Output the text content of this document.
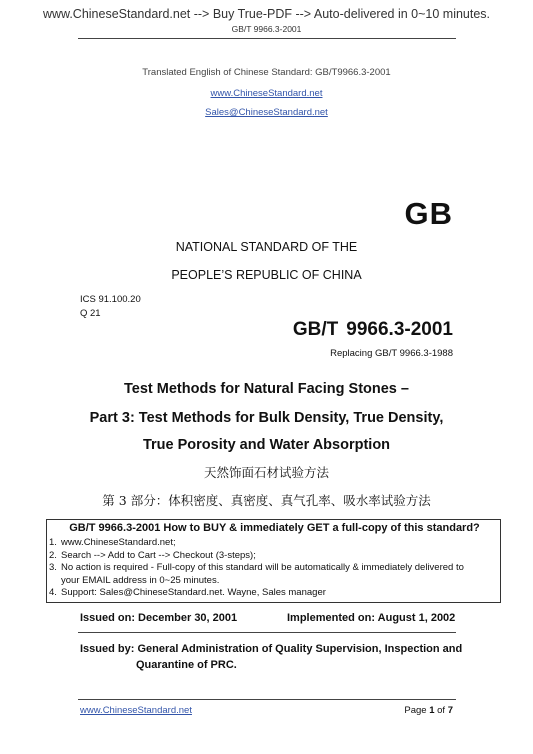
www.ChineseStandard.net --> Buy True-PDF --> Auto-delivered in 0~10 minutes.
GB/T 9966.3-2001
Translated English of Chinese Standard: GB/T9966.3-2001
www.ChineseStandard.net
Sales@ChineseStandard.net
GB
NATIONAL STANDARD OF THE
PEOPLE’S REPUBLIC OF CHINA
ICS 91.100.20
Q 21
GB/T 9966.3-2001
Replacing GB/T 9966.3-1988
Test Methods for Natural Facing Stones –
Part 3: Test Methods for Bulk Density, True Density,
True Porosity and Water Absorption
天然饰面石材试验方法
第 3 部分：体积密度、真密度、真气孔率、吸水率试验方法
GB/T 9966.3-2001 How to BUY & immediately GET a full-copy of this standard?
1. www.ChineseStandard.net;
2. Search --> Add to Cart --> Checkout (3-steps);
3. No action is required - Full-copy of this standard will be automatically & immediately delivered to
your EMAIL address in 0~25 minutes.
4. Support: Sales@ChineseStandard.net. Wayne, Sales manager
Issued on: December 30, 2001	Implemented on: August 1, 2002
Issued by: General Administration of Quality Supervision, Inspection and
Quarantine of PRC.
www.ChineseStandard.net	Page 1 of 7
